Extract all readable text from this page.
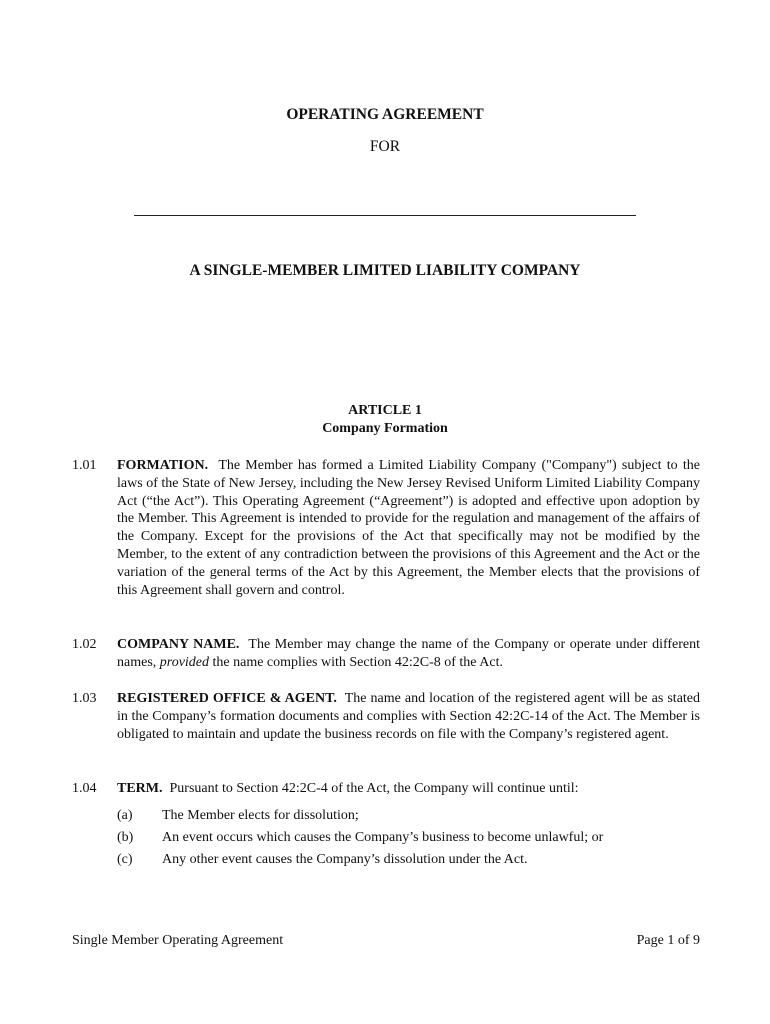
OPERATING AGREEMENT
FOR
A SINGLE-MEMBER LIMITED LIABILITY COMPANY
ARTICLE 1
Company Formation
1.01	FORMATION. The Member has formed a Limited Liability Company ("Company") subject to the laws of the State of New Jersey, including the New Jersey Revised Uniform Limited Liability Company Act (“the Act”). This Operating Agreement (“Agreement”) is adopted and effective upon adoption by the Member. This Agreement is intended to provide for the regulation and management of the affairs of the Company. Except for the provisions of the Act that specifically may not be modified by the Member, to the extent of any contradiction between the provisions of this Agreement and the Act or the variation of the general terms of the Act by this Agreement, the Member elects that the provisions of this Agreement shall govern and control.
1.02	COMPANY NAME. The Member may change the name of the Company or operate under different names, provided the name complies with Section 42:2C-8 of the Act.
1.03	REGISTERED OFFICE & AGENT. The name and location of the registered agent will be as stated in the Company’s formation documents and complies with Section 42:2C-14 of the Act. The Member is obligated to maintain and update the business records on file with the Company’s registered agent.
1.04	TERM. Pursuant to Section 42:2C-4 of the Act, the Company will continue until:
(a) The Member elects for dissolution;
(b) An event occurs which causes the Company’s business to become unlawful; or
(c) Any other event causes the Company’s dissolution under the Act.
Single Member Operating Agreement	Page 1 of 9
